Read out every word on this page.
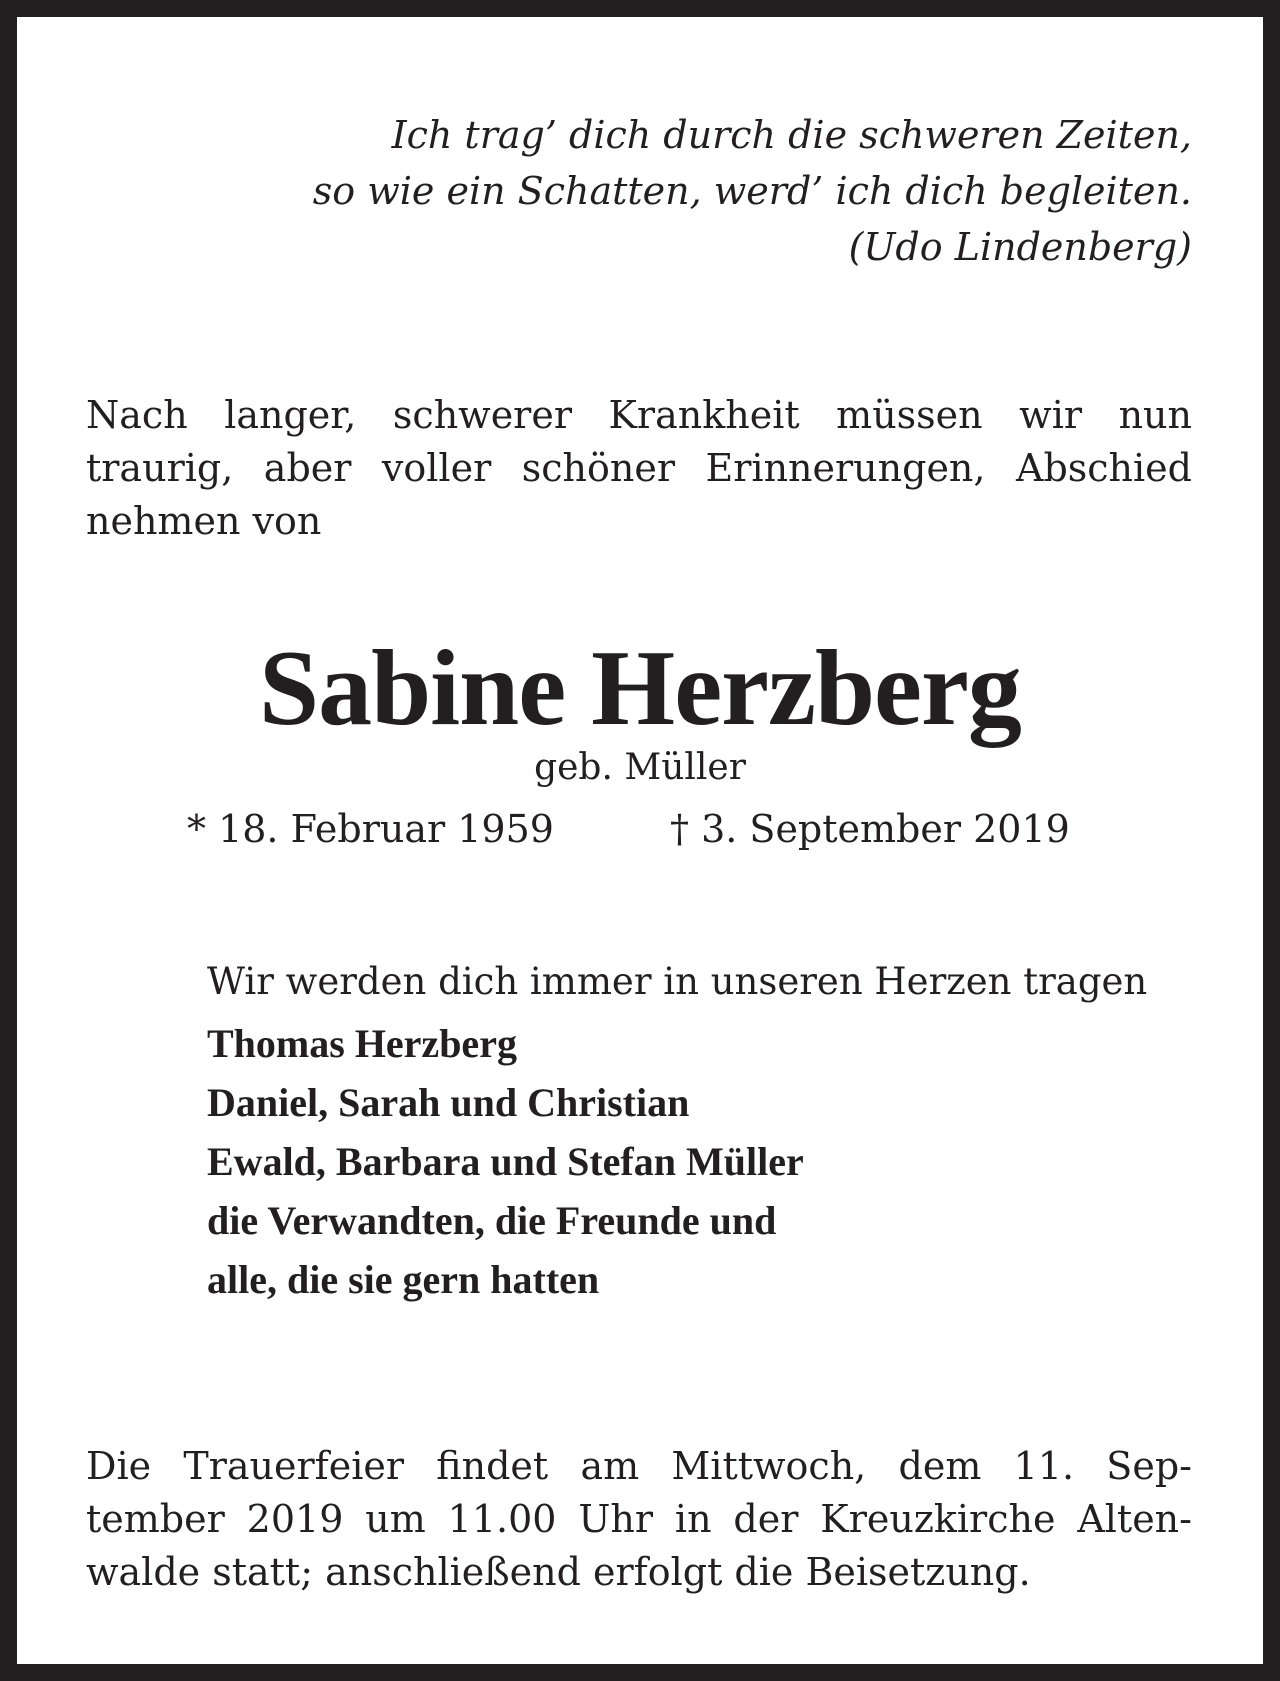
Ich trag’ dich durch die schweren Zeiten,
so wie ein Schatten, werd’ ich dich begleiten.
(Udo Lindenberg)
Nach langer, schwerer Krankheit müssen wir nun
traurig, aber voller schöner Erinnerungen, Abschied
nehmen von
Sabine Herzberg
geb. Müller
* 18. Februar 1959	† 3. September 2019
Wir werden dich immer in unseren Herzen tragen
Thomas Herzberg
Daniel, Sarah und Christian
Ewald, Barbara und Stefan Müller
die Verwandten, die Freunde und
alle, die sie gern hatten
Die Trauerfeier findet am Mittwoch, dem 11. Sep-
tember 2019 um 11.00 Uhr in der Kreuzkirche Alten-
walde statt; anschließend erfolgt die Beisetzung.
